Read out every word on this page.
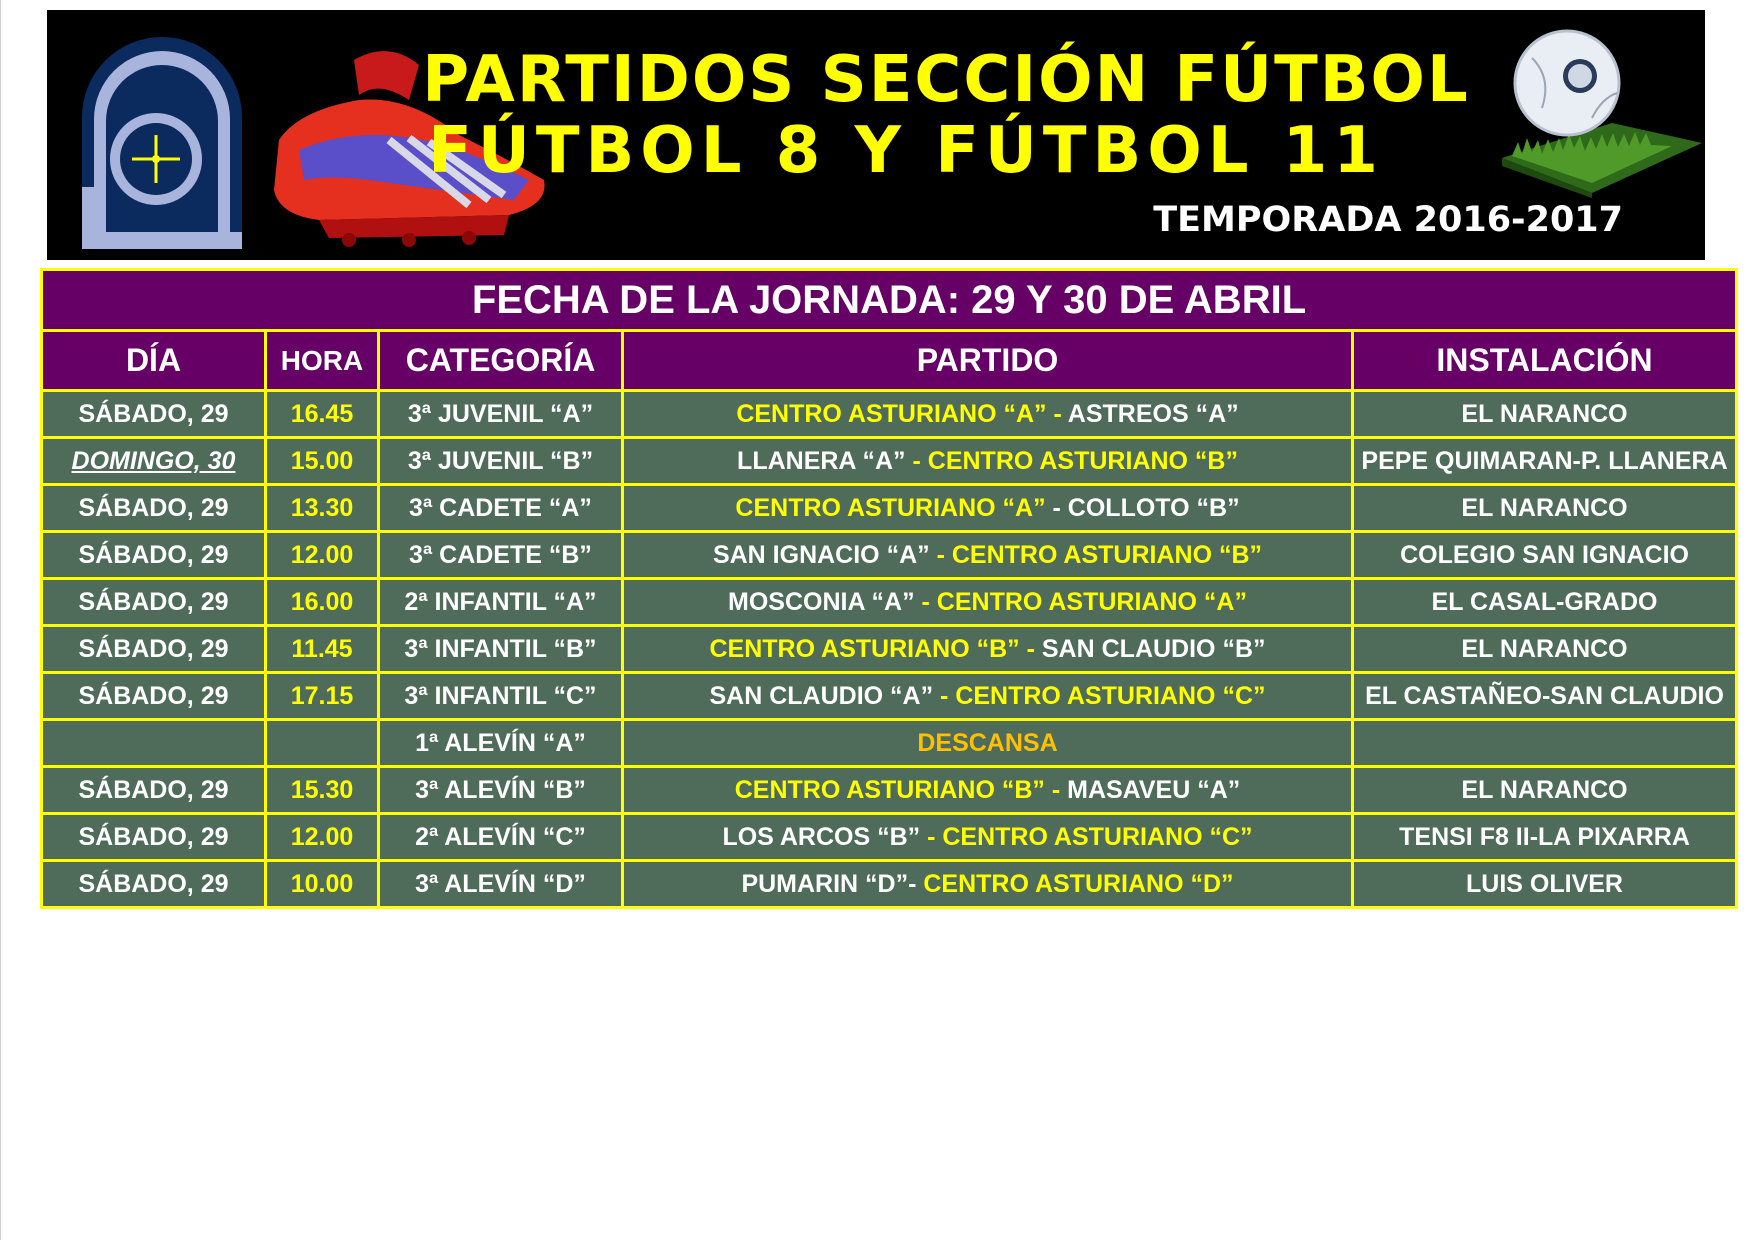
PARTIDOS SECCIÓN FÚTBOL

FÚTBOL 8 Y FÚTBOL 11

TEMPORADA 2016-2017

FECHA DE LA JORNADA: 29 Y 30 DE ABRIL				
DÍA	HORA	CATEGORÍA	PARTIDO	INSTALACIÓN
SÁBADO, 29	16.45	3ª JUVENIL “A”	CENTRO ASTURIANO “A” - ASTREOS “A”	EL NARANCO
DOMINGO, 30	15.00	3ª JUVENIL “B”	LLANERA “A” - CENTRO ASTURIANO “B”	PEPE QUIMARAN-P. LLANERA
SÁBADO, 29	13.30	3ª CADETE “A”	CENTRO ASTURIANO “A” - COLLOTO “B”	EL NARANCO
SÁBADO, 29	12.00	3ª CADETE “B”	SAN IGNACIO “A” - CENTRO ASTURIANO “B”	COLEGIO SAN IGNACIO
SÁBADO, 29	16.00	2ª INFANTIL “A”	MOSCONIA “A” - CENTRO ASTURIANO “A”	EL CASAL-GRADO
SÁBADO, 29	11.45	3ª INFANTIL “B”	CENTRO ASTURIANO “B” - SAN CLAUDIO “B”	EL NARANCO
SÁBADO, 29	17.15	3ª INFANTIL “C”	SAN CLAUDIO “A” - CENTRO ASTURIANO “C”	EL CASTAÑEO-SAN CLAUDIO
		1ª ALEVÍN “A”	DESCANSA	
SÁBADO, 29	15.30	3ª ALEVÍN “B”	CENTRO ASTURIANO “B” - MASAVEU “A”	EL NARANCO
SÁBADO, 29	12.00	2ª ALEVÍN “C”	LOS ARCOS “B” - CENTRO ASTURIANO “C”	TENSI F8 II-LA PIXARRA
SÁBADO, 29	10.00	3ª ALEVÍN “D”	PUMARIN “D”- CENTRO ASTURIANO “D”	LUIS OLIVER
